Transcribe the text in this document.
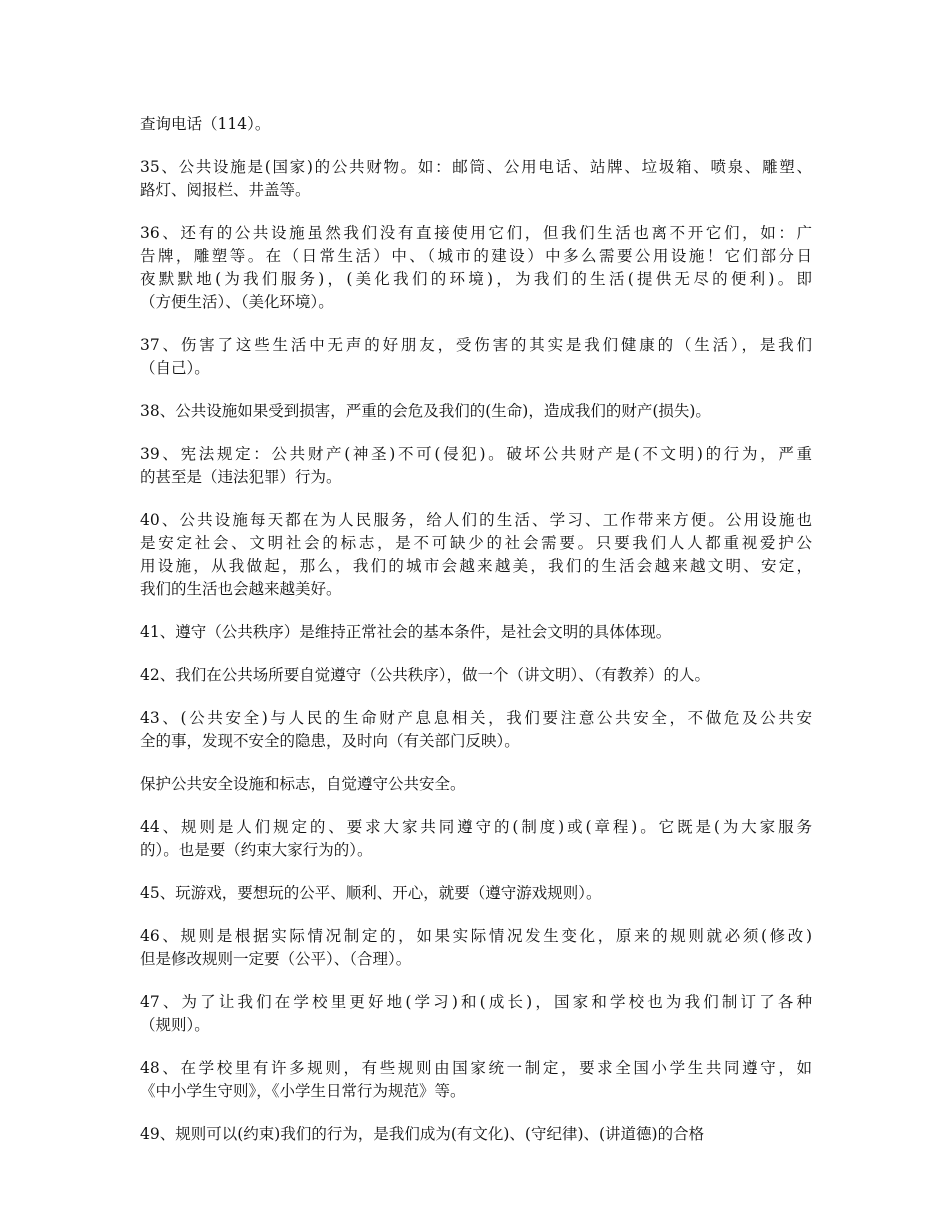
查询电话（114）。

35、公共设施是(国家)的公共财物。如：邮筒、公用电话、站牌、垃圾箱、喷泉、雕塑、
路灯、阅报栏、井盖等。

36、还有的公共设施虽然我们没有直接使用它们，但我们生活也离不开它们，如：广
告牌，雕塑等。在（日常生活）中、（城市的建设）中多么需要公用设施！它们部分日
夜默默地(为我们服务)，(美化我们的环境)，为我们的生活(提供无尽的便利)。即
（方便生活）、（美化环境）。

37、伤害了这些生活中无声的好朋友，受伤害的其实是我们健康的（生活），是我们
（自己）。

38、公共设施如果受到损害，严重的会危及我们的(生命)，造成我们的财产(损失)。

39、宪法规定：公共财产(神圣)不可(侵犯)。破坏公共财产是(不文明)的行为，严重
的甚至是（违法犯罪）行为。

40、公共设施每天都在为人民服务，给人们的生活、学习、工作带来方便。公用设施也
是安定社会、文明社会的标志，是不可缺少的社会需要。只要我们人人都重视爱护公
用设施，从我做起，那么，我们的城市会越来越美，我们的生活会越来越文明、安定，
我们的生活也会越来越美好。

41、遵守（公共秩序）是维持正常社会的基本条件，是社会文明的具体体现。

42、我们在公共场所要自觉遵守（公共秩序），做一个（讲文明）、（有教养）的人。

43、(公共安全)与人民的生命财产息息相关，我们要注意公共安全，不做危及公共安
全的事，发现不安全的隐患，及时向（有关部门反映）。

保护公共安全设施和标志，自觉遵守公共安全。

44、规则是人们规定的、要求大家共同遵守的(制度)或(章程)。它既是(为大家服务
的）。也是要（约束大家行为的）。

45、玩游戏，要想玩的公平、顺利、开心，就要（遵守游戏规则）。

46、规则是根据实际情况制定的，如果实际情况发生变化，原来的规则就必须(修改)
但是修改规则一定要（公平）、（合理）。

47、为了让我们在学校里更好地(学习)和(成长)，国家和学校也为我们制订了各种
（规则）。

48、在学校里有许多规则，有些规则由国家统一制定，要求全国小学生共同遵守，如
《中小学生守则》，《小学生日常行为规范》等。

49、规则可以(约束)我们的行为，是我们成为(有文化)、(守纪律)、(讲道德)的合格
